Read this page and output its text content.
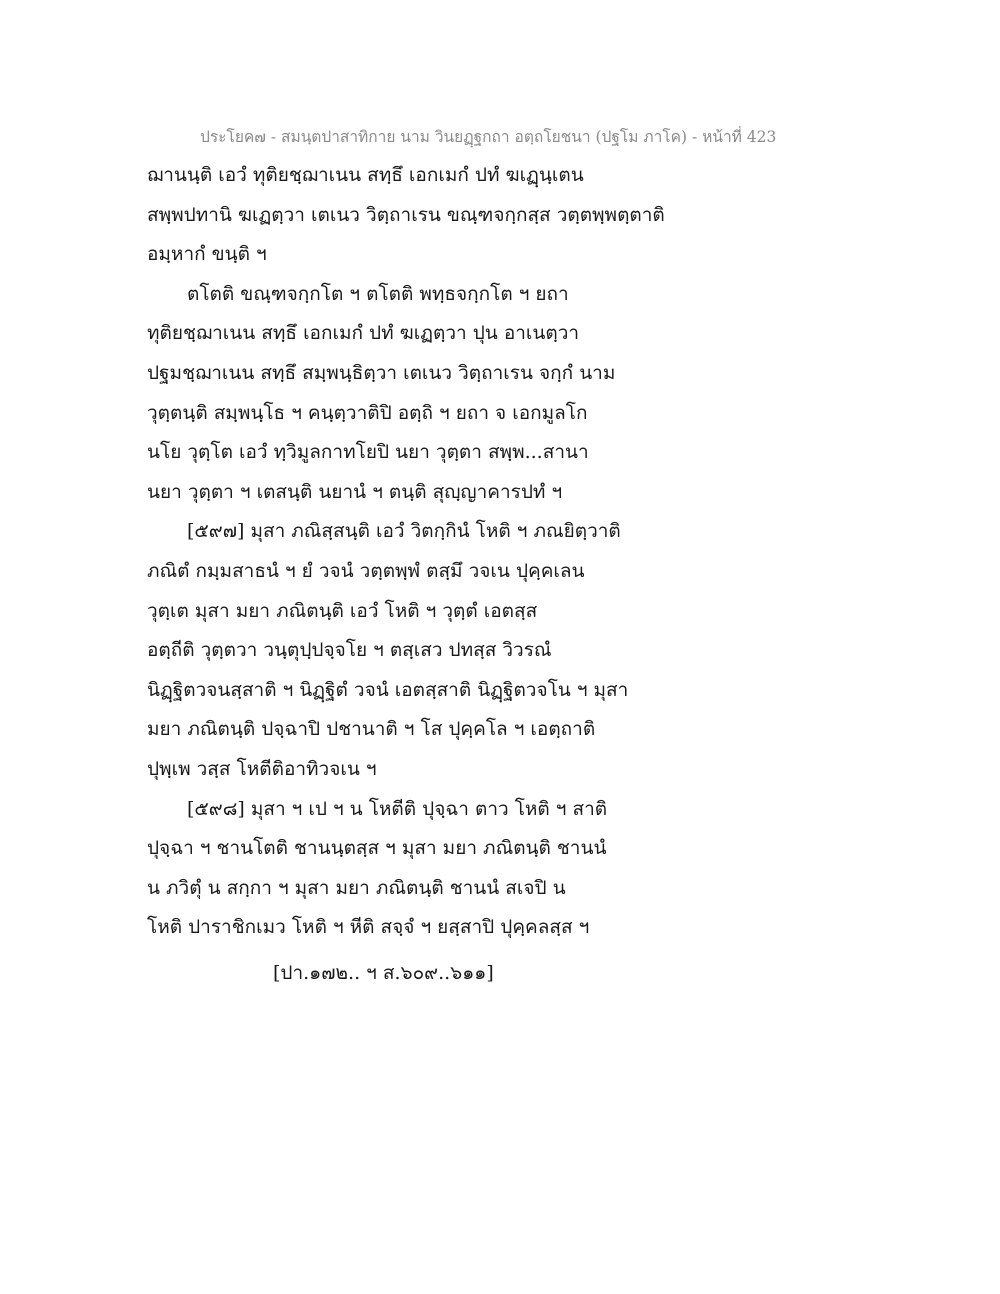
ประโยค๗ - สมนฺตปาสาทิกาย นาม วินยฏฺฐกถา อตฺถโยชนา (ปฐโม ภาโค) - หน้าที่ 423
ฌานนฺติ เอวํ ทุติยชฺฌาเนน สทฺธึ เอกเมกํ ปทํ ฆเฏฺนฺเตน
สพฺพปทานิ ฆเฏตฺวา เตเนว วิตฺถาเรน ขณฺฑจกฺกสฺส วตฺตพฺพตฺตาติ
อมฺหากํ ขนฺติ ฯ
ตโตติ ขณฺฑจกฺกโต ฯ ตโตติ พทฺธจกฺกโต ฯ ยถา
ทุติยชฺฌาเนน สทฺธึ เอกเมกํ ปทํ ฆเฏตฺวา ปุน อาเนตฺวา
ปฐมชฺฌาเนน สทฺธึ สมฺพนฺธิตฺวา เตเนว วิตฺถาเรน จกฺกํ นาม
วุตฺตนฺติ สมฺพนฺโธ ฯ คนฺตฺวาติปิ อตฺถิ ฯ ยถา จ เอกมูลโก
นโย วุตฺโต เอวํ ทฺวิมูลกาทโยปิ นยา วุตฺตา สพฺพ...สานา
นยา วุตฺตา ฯ เตสนฺติ นยานํ ฯ ตนฺติ สุญฺญาคารปทํ ฯ
[๕๙๗] มุสา ภณิสฺสนฺติ เอวํ วิตกฺกินํ โหติ ฯ ภณยิตฺวาติ
ภณิตํ กมฺมสาธนํ ฯ ยํ วจนํ วตฺตพฺพํ ตสฺมึ วจเน ปุคฺคเลน
วุตฺเต มุสา มยา ภณิตนฺติ เอวํ โหติ ฯ วุตฺตํ เอตสฺส
อตฺถีติ วุตฺตวา วนฺตุปฺปจฺจโย ฯ ตสฺเสว ปทสฺส วิวรณํ
นิฏฺฐิตวจนสฺสาติ ฯ นิฏฺฐิตํ วจนํ เอตสฺสาติ นิฏฺฐิตวจโน ฯ มุสา
มยา ภณิตนฺติ ปจฺฉาปิ ปชานาติ ฯ โส ปุคฺคโล ฯ เอตฺถาติ
ปุพฺเพ วสฺส โหตีติอาทิวจเน ฯ
[๕๙๘] มุสา ฯ เป ฯ น โหตีติ ปุจฺฉา ตาว โหติ ฯ สาติ
ปุจฺฉา ฯ ชานโตติ ชานนฺตสฺส ฯ มุสา มยา ภณิตนฺติ ชานนํ
น ภวิตุํ น สกฺกา ฯ มุสา มยา ภณิตนฺติ ชานนํ สเจปิ น
โหติ ปาราชิกเมว โหติ ฯ หีติ สจฺจํ ฯ ยสฺสาปิ ปุคฺคลสฺส ฯ
[ปา.๑๗๒.. ฯ ส.๖๐๙..๖๑๑]
